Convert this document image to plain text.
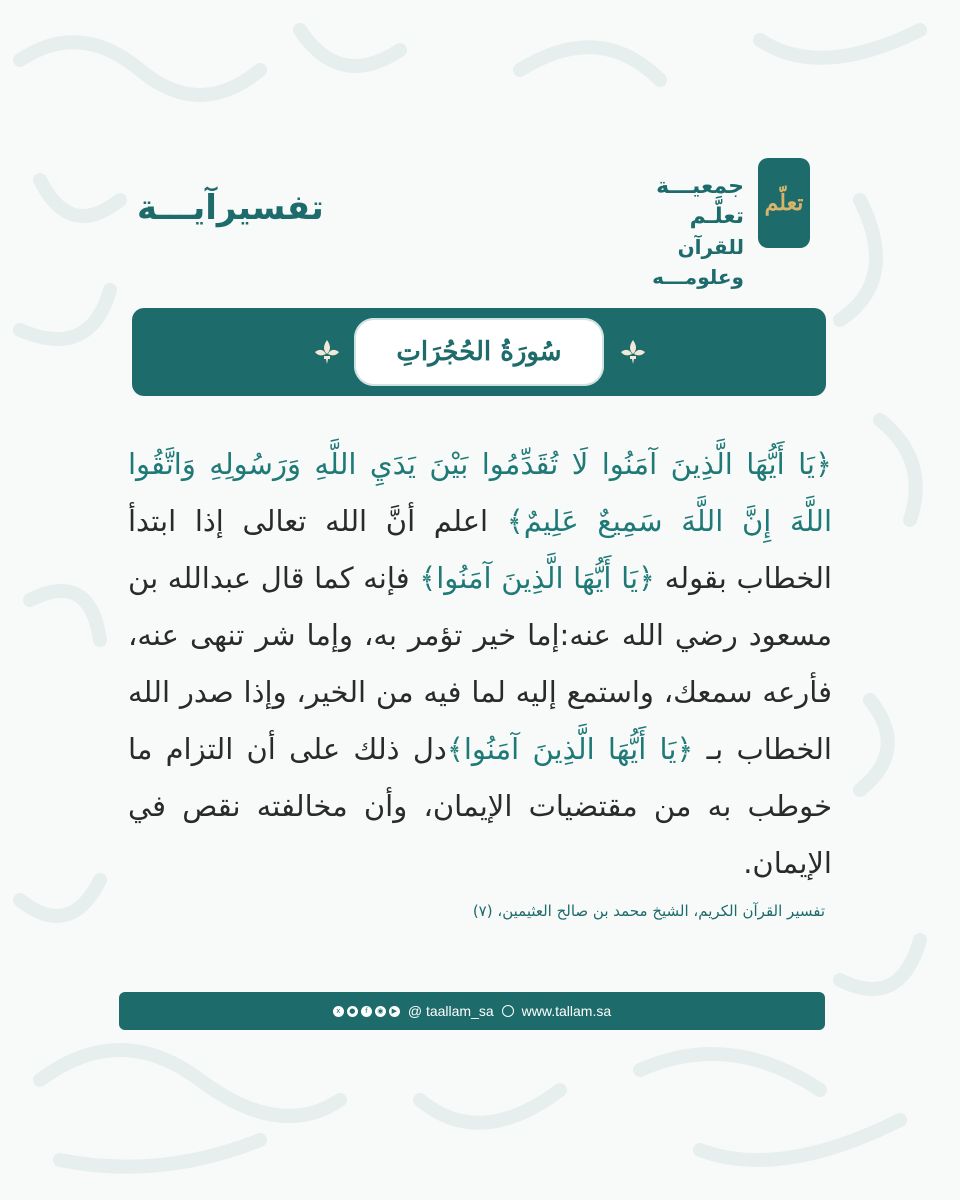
تفسيرآيـــة	تعلّم
جمعيـــة تعلَّـم
للقرآن وعلومـــه
سُورَةُ الحُجُرَاتِ
﴿يَا أَيُّهَا الَّذِينَ آمَنُوا لَا تُقَدِّمُوا بَيْنَ يَدَيِ اللَّهِ وَرَسُولِهِ وَاتَّقُوا اللَّهَ إِنَّ اللَّهَ سَمِيعٌ عَلِيمٌ﴾ اعلم أنَّ الله تعالى إذا ابتدأ الخطاب بقوله ﴿يَا أَيُّهَا الَّذِينَ آمَنُوا﴾ فإنه كما قال عبدالله بن مسعود رضي الله عنه:إما خير تؤمر به، وإما شر تنهى عنه، فأرعه سمعك، واستمع إليه لما فيه من الخير، وإذا صدر الله الخطاب بـ ﴿يَا أَيُّهَا الَّذِينَ آمَنُوا﴾دل ذلك على أن التزام ما خوطب به من مقتضيات الإيمان، وأن مخالفته نقص في الإيمان.
تفسير القرآن الكريم، الشيخ محمد بن صالح العثيمين، (٧)
x	●	f	◉	▶ @ taallam_sa www.tallam.sa
